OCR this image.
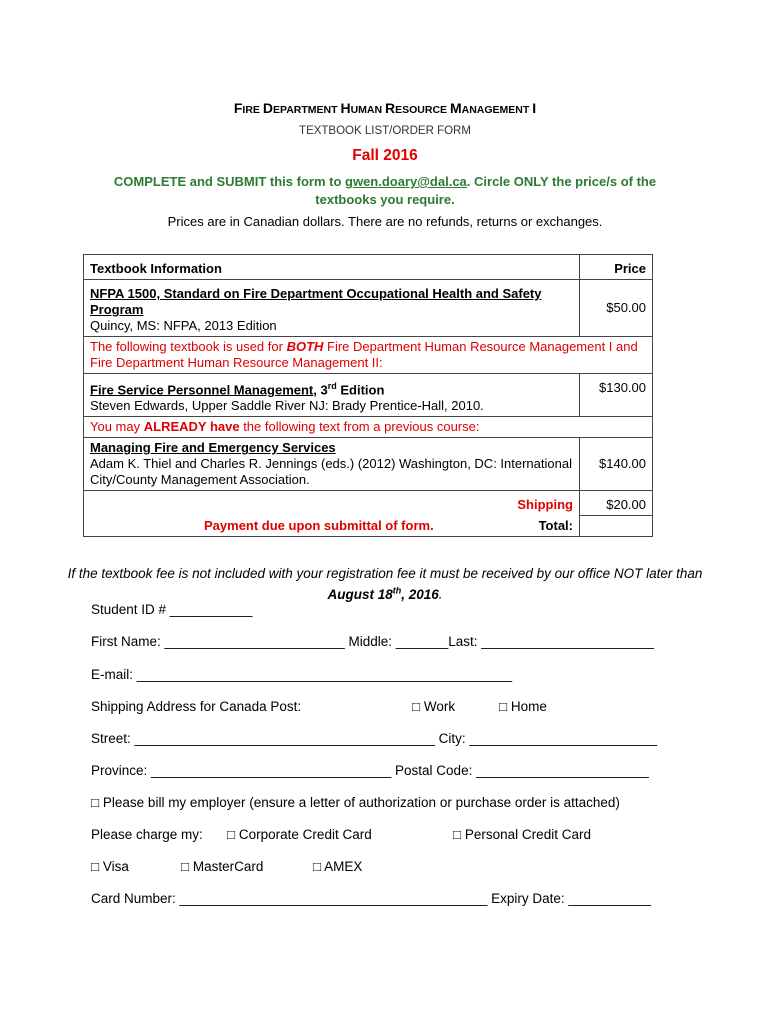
FIRE DEPARTMENT HUMAN RESOURCE MANAGEMENT I
TEXTBOOK LIST/ORDER FORM
Fall 2016
COMPLETE and SUBMIT this form to gwen.doary@dal.ca. Circle ONLY the price/s of the textbooks you require.
Prices are in Canadian dollars. There are no refunds, returns or exchanges.
Textbook Information	Price

NFPA 1500, Standard on Fire Department Occupational Health and Safety Program
Quincy, MS: NFPA, 2013 Edition	$50.00
The following textbook is used for BOTH Fire Department Human Resource Management I and Fire Department Human Resource Management II:	

Fire Service Personnel Management, 3rd Edition
Steven Edwards, Upper Saddle River NJ: Brady Prentice-Hall, 2010.	$130.00
You may ALREADY have the following text from a previous course:	

Managing Fire and Emergency Services
Adam K. Thiel and Charles R. Jennings (eds.) (2012) Washington, DC: International City/County Management Association.	$140.00
Shipping	$20.00
Payment due upon submittal of form. Total:	

If the textbook fee is not included with your registration fee it must be received by our office NOT later than August 18th, 2016.
Student ID # ___________
First Name: ________________________ Middle: _______Last: _______________________
E-mail: __________________________________________________
Shipping Address for Canada Post:	□ Work	□ Home
Street: ________________________________________ City: _________________________
Province: ________________________________ Postal Code: _______________________
□ Please bill my employer (ensure a letter of authorization or purchase order is attached)
Please charge my: □ Corporate Credit Card	□ Personal Credit Card
□ Visa	□ MasterCard	□ AMEX
Card Number: _________________________________________ Expiry Date: ___________
